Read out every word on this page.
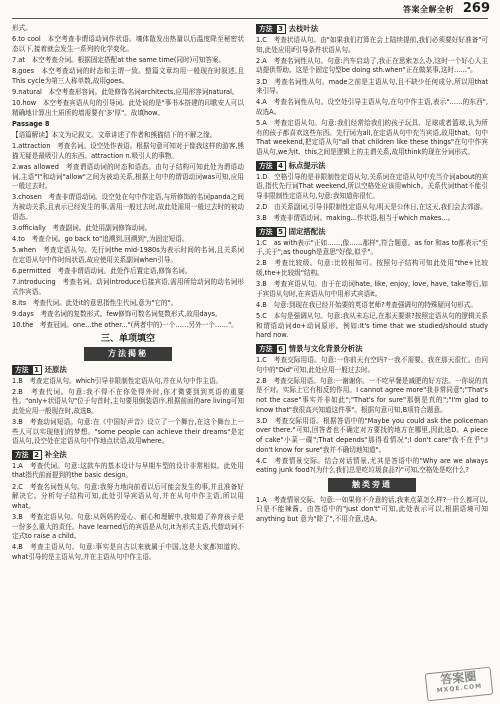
答案全解全析 269

形式。

6.to cool　本空考查非谓语动词作状语。壤体散发出热量以后温度降至秘密状态以下,接着就会发生一系列的化学变化。

7.at　本空考查介词。根据固定搭配at the same time(同时)可知答案。

8.goes　本空考查动词的时态和主谓一致。整篇文章均用一般现在时叙述,且This cycle为第三人称单数,故用goes。

9.natural　本空考查形容词。此处修饰名词architects,应用形容词natural。

10.how　本空考查宾语从句的引导词。此处说的是"事书本搭建的印歌安人可以精确地计算出土质所的墙需要有'多'厚"。故填how。

Passage 8

【语篇解读】本文为记叙文。文章讲述了作者和熊猫结下的不解之缘。

1.attraction　考查名词。设空处作表语。根据句意可知对于像我这样的游客,熊猫无疑是最吸引人的东西。attraction n.吸引人的事物。

2.was allowed　考查谓语动词的时态和语态。由句子结构可知此处为谓语动词,主语"I"和动词"allow"之间为被动关系,根据上句中的谓语动词was可知,应用一般过去时。

3.chosen　考查非谓语动词。设空处在句中作定语,与所修饰的名词panda之间为被动关系,且表示已经发生的事,需用一般过去时,故此处需用一般过去时的被动语态。

3.officially　考查副词。此处用副词修饰动词。

4.to　考查介词。go back to"追溯到,回溯到",为固定短语。

5.when　考查定语从句。先行词the mid-1980s为表示时间的名词,且关系词在定语从句中作时间状语,故应使用关系副词when引导。

6.permitted　考查非谓语动词。此处作后置定语,修饰名词。

7.introducing　考查名词。动词introduce后接宾语,需用所给动词的动名词形式作宾语。

8.its　考查代词。此处it的意思指性生代词,意为"它的"。

9.days　考查名词的复数形式。few修饰可数名词复数形式,故用days。

10.the　考查冠词。one...the other..."(两者中的)一个……另外一个……"。

三、单项填空
方法揭秘
方法 1 还原法

1.B　考查定语从句。which引导非限制性定语从句,并在从句中作主语。

2.B　考查代词。句意:我不得不在你处得外时,你才微要到到英语的重要性。"only+状语从句"位于句首时,主句要用倒装语序,根据前面的are living可知此处应用一般现在时,故选B。

3.B　考查动词短语。句意:在《中国好声音》设立了一个舞台,在这个舞台上一些人可以实现他们的梦想。"some people can achieve their dreams"是定语从句,设空处在定语从句中作地点状语,故用where。

方法 2 补全法

1.A　考查代词。句意:这款车的基本设计与早期车型的设计非常相似。此处用that指代前面提到的the basic design。

2.C　考查名词性从句。句意:我努力地向前看以后可能会发生的事,并且准备好解决它。分析句子结构可知,此处引导宾语从句,并在从句中作主语,所以用what。

3.B　考查定语从句。句意:从妈妈的爱心、耐心和理解中,我知道了养育孩子是一份多么重大的责任。have learned后的宾语是从句,it为形式主语,代替动词不定式to raise a child。

4.B　考查主语从句。句意:事实是自古以来就属于中国,这是大家都知道的。what引导的是主语从句,并在主语从句中作主语。

方法 3 去枝叶法

1.C　考查状语从句。由"如果我们打算在会上陆续提前,我们必须要好好准备"可知,此处应用if引导条件状语从句。

2.A　考查名词性从句。句意:汽车启动了,我正在思索怎么办,这时一个好心人主动提供帮助。这是个固定句型be doing sth.when"正在做某事,这时……"。

3.D　考查名词性从句。made之前是主语从句,且不缺少任何成分,所以用that来引导。

4.A　考查名词性从句。设空处引导主语从句,在句中作主语,表示"……的东西",故选A。

5.A　考查定语从句。句意:我们经常给我们的孩子玩具、足球或者篮球,认为所有的孩子都喜欢这些东西。先行词为all,在定语从句中充当宾语,故用that。句中That weekend,把定语从句"all that children like these things"在句中作宾语从句,we为it、this之间是逻辑上的主谓关系,故用think的现在分词形式。

方法 4 标点提示法

1.D　空格引导的是非限制性定语从句,关系词在定语从句中充当介词about的宾语,指代先行词That weekend,所以空格处应该用which。关系代词that不能引导非限制性定语从句,句意:我知道你很忙。

2.D　由关系副词,引导非限制性定语从句,明天是公休日,在这天,我们会去郊游。

3.B　考查非谓语动词。making...作状语,相当于which makes...。

方法 5 固定搭配法

1.C　as with表示"正如……,像……那样",符合题意。as for 和as to都表示"至于,关于";as though是意思"好像,似乎"。

2.B　考查比较级。句意:比较相知可。按照句子结构可知此处用"the+比较级,the+比较级"结构。

3.B　考查宾语从句。由于在动词hate, like, enjoy, love, have, take等后,如于宾语从句时,在宾语从句中用形式宾语it。

4.B　句意:到现在我已经开始要的英语老师?考查强调句的特殊疑问句形式。

5.C　本句是强调从句。句意:我从未忘记,在那天要谁?按照定语从句的逻辑关系和谓语动词do+动词原形。例如:It's time that we studied/should study hard now.

方法 6 情景与文化背景分析法

1.C　考查交际用语。句意:一你前天有空吗?一我不需要。我在那天很忙。由问句中的"Did"可知,此处应用一般过去时。

2.B　考查交际用语。句意:一谢谢你。一不吃早餐是减肥的好方法。一你说的真是不对。实际上它有相反的作用。I cannot agree more"我非常同意";"That's not the case"事实并非如此";"That's for sure"那倒是真的";"I'm glad to know that"我很高兴知道这件事"。根据句意可知,B项符合题意。

3.D　考查交际用语。根据答语中的"Maybe you could ask the policeman over there."可知,回答者也不确定对方要找的地方在哪里,因此选D。A piece of cake"小菜一碟";That depends"那得看情况";I don't care"我不在乎";I don't know for sure"我并不确切地知道"。

4.C　考查情景交际。结合对话情景,尤其是答语中的"Why are we always eating junk food?(为什么我们总是吃垃圾食品?)"可知,空格处是吃什么?

触类旁通

1.A　考查情景交际。句意:一如果你不介意的话,我来点菜怎么样?一什么都可以,只是不能辣酱。由答语中的"just don't"可知,此处表示可以,根据语境可知anything but 意为"除了",不用介意,选A。

答案圈
MXQE.COM
